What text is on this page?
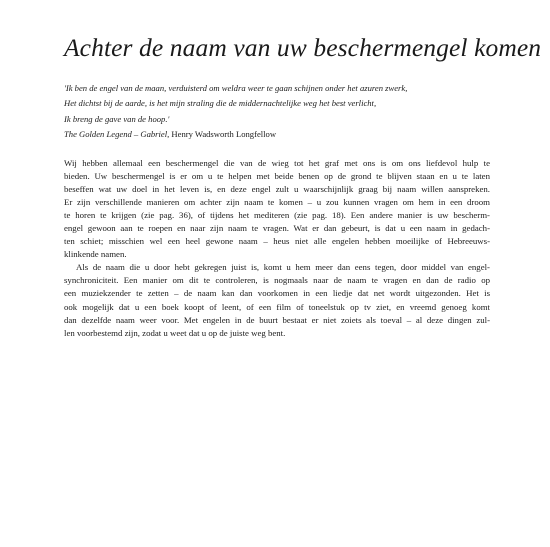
Achter de naam van uw beschermengel komen
'Ik ben de engel van de maan, verduisterd om weldra weer te gaan schijnen onder het azuren zwerk,
Het dichtst bij de aarde, is het mijn straling die de middernachtelijke weg het best verlicht,
Ik breng de gave van de hoop.'
The Golden Legend – Gabriel, Henry Wadsworth Longfellow
Wij hebben allemaal een beschermengel die van de wieg tot het graf met ons is om ons liefdevol hulp te
bieden. Uw beschermengel is er om u te helpen met beide benen op de grond te blijven staan en u te laten
beseffen wat uw doel in het leven is, en deze engel zult u waarschijnlijk graag bij naam willen aanspreken.
Er zijn verschillende manieren om achter zijn naam te komen – u zou kunnen vragen om hem in een droom
te horen te krijgen (zie pag. 36), of tijdens het mediteren (zie pag. 18). Een andere manier is uw bescherm-
engel gewoon aan te roepen en naar zijn naam te vragen. Wat er dan gebeurt, is dat u een naam in gedach-
ten schiet; misschien wel een heel gewone naam – heus niet alle engelen hebben moeilijke of Hebreeuws-
klinkende namen.
Als de naam die u door hebt gekregen juist is, komt u hem meer dan eens tegen, door middel van engel-
synchroniciteit. Een manier om dit te controleren, is nogmaals naar de naam te vragen en dan de radio op
een muziekzender te zetten – de naam kan dan voorkomen in een liedje dat net wordt uitgezonden. Het is
ook mogelijk dat u een boek koopt of leent, of een film of toneelstuk op tv ziet, en vreemd genoeg komt
dan dezelfde naam weer voor. Met engelen in de buurt bestaat er niet zoiets als toeval – al deze dingen zul-
len voorbestemd zijn, zodat u weet dat u op de juiste weg bent.
